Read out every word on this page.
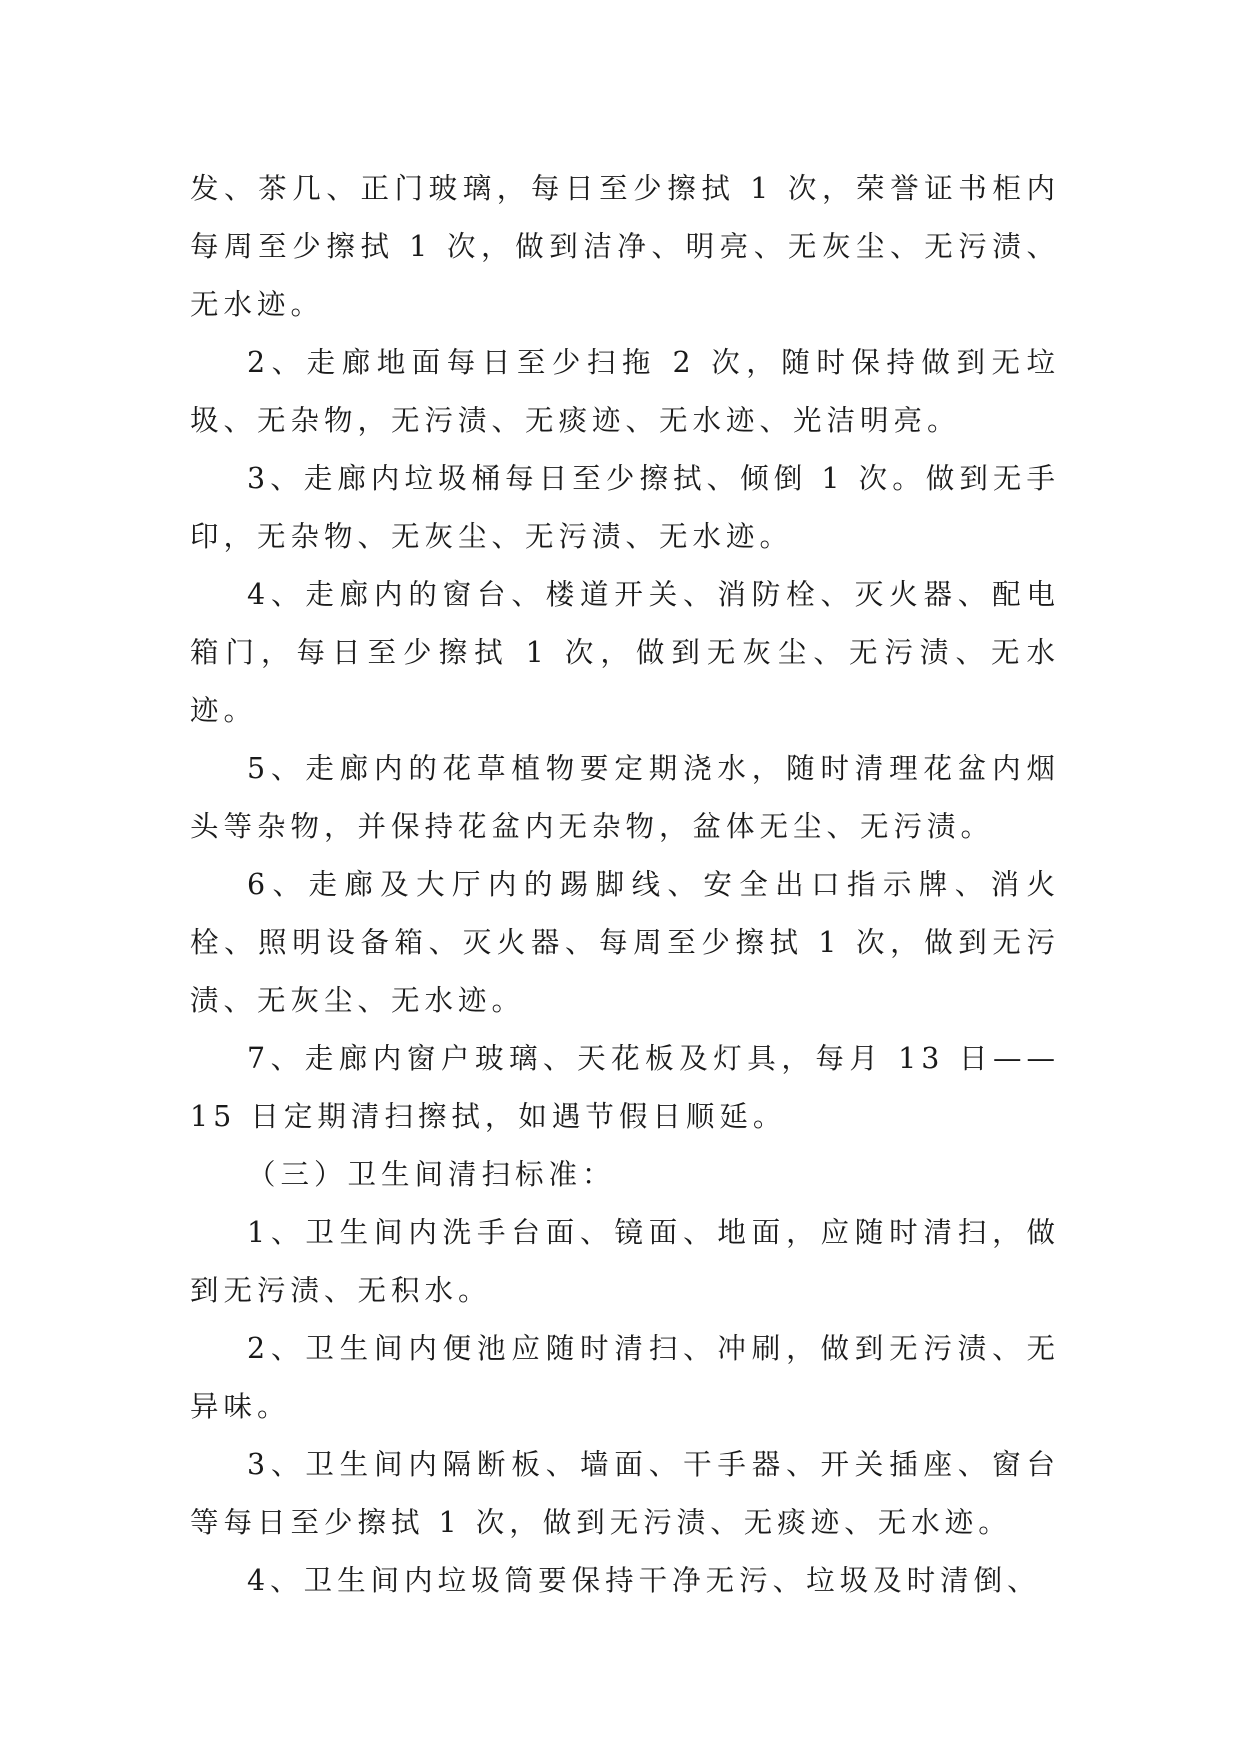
发、茶几、正门玻璃，每日至少擦拭 1 次，荣誉证书柜内每周至少擦拭 1 次，做到洁净、明亮、无灰尘、无污渍、无水迹。

2、走廊地面每日至少扫拖 2 次，随时保持做到无垃圾、无杂物，无污渍、无痰迹、无水迹、光洁明亮。

3、走廊内垃圾桶每日至少擦拭、倾倒 1 次。做到无手印，无杂物、无灰尘、无污渍、无水迹。

4、走廊内的窗台、楼道开关、消防栓、灭火器、配电箱门，每日至少擦拭 1 次，做到无灰尘、无污渍、无水迹。

5、走廊内的花草植物要定期浇水，随时清理花盆内烟头等杂物，并保持花盆内无杂物，盆体无尘、无污渍。

6、走廊及大厅内的踢脚线、安全出口指示牌、消火栓、照明设备箱、灭火器、每周至少擦拭 1 次，做到无污渍、无灰尘、无水迹。

7、走廊内窗户玻璃、天花板及灯具，每月 13 日——15 日定期清扫擦拭，如遇节假日顺延。

（三）卫生间清扫标准：

1、卫生间内洗手台面、镜面、地面，应随时清扫，做到无污渍、无积水。

2、卫生间内便池应随时清扫、冲刷，做到无污渍、无异味。

3、卫生间内隔断板、墙面、干手器、开关插座、窗台等每日至少擦拭 1 次，做到无污渍、无痰迹、无水迹。

4、卫生间内垃圾筒要保持干净无污、垃圾及时清倒、
